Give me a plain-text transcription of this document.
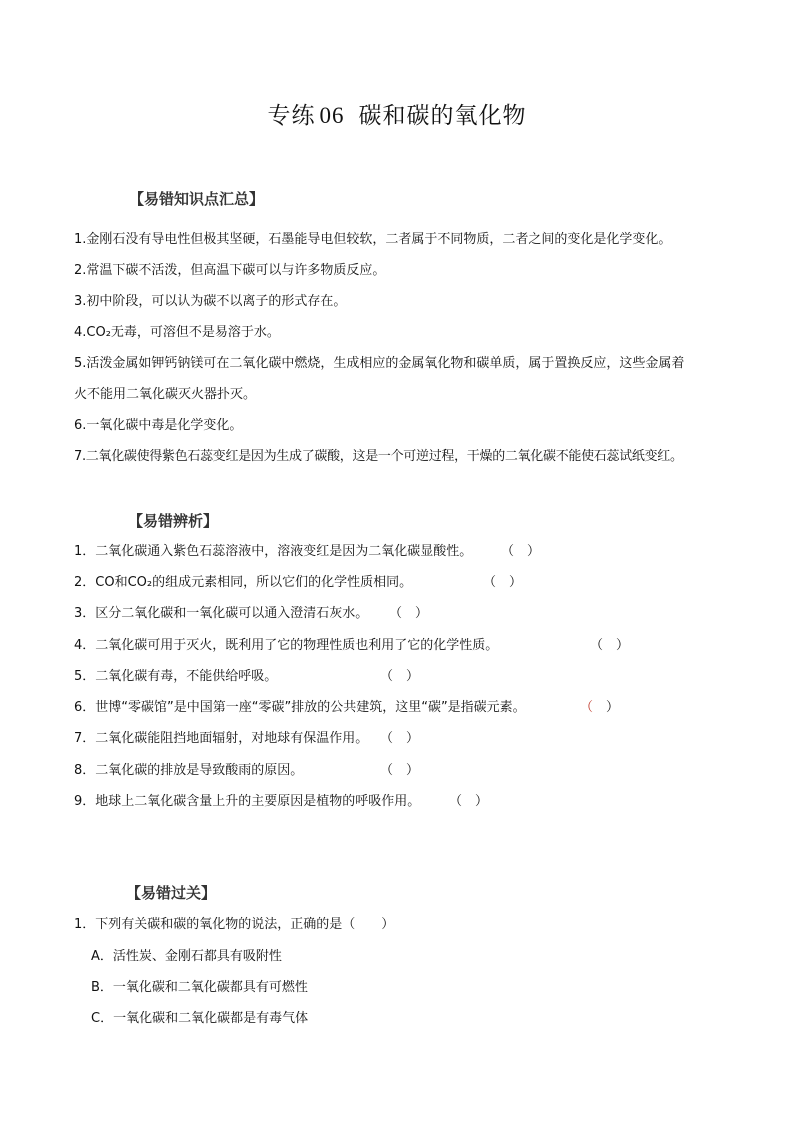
专练 06 碳和碳的氧化物
【易错知识点汇总】
1.金刚石没有导电性但极其坚硬，石墨能导电但较软，二者属于不同物质，二者之间的变化是化学变化。
2.常温下碳不活泼，但高温下碳可以与许多物质反应。
3.初中阶段，可以认为碳不以离子的形式存在。
4.CO₂无毒，可溶但不是易溶于水。
5.活泼金属如钾钙钠镁可在二氧化碳中燃烧，生成相应的金属氧化物和碳单质，属于置换反应，这些金属着
火不能用二氧化碳灭火器扑灭。
6.一氧化碳中毒是化学变化。
7.二氧化碳使得紫色石蕊变红是因为生成了碳酸，这是一个可逆过程，干燥的二氧化碳不能使石蕊试纸变红。
【易错辨析】
1．二氧化碳通入紫色石蕊溶液中，溶液变红是因为二氧化碳显酸性。 （　 ）
2．CO和CO₂的组成元素相同，所以它们的化学性质相同。	（　 ）
3．区分二氧化碳和一氧化碳可以通入澄清石灰水。 （　 ）
4．二氧化碳可用于灭火，既利用了它的物理性质也利用了它的化学性质。	（　 ）
5．二氧化碳有毒，不能供给呼吸。	（　 ）
6．世博“零碳馆”是中国第一座“零碳”排放的公共建筑，这里“碳”是指碳元素。	（　 ）
7．二氧化碳能阻挡地面辐射，对地球有保温作用。 （　 ）
8．二氧化碳的排放是导致酸雨的原因。	（　 ）
9．地球上二氧化碳含量上升的主要原因是植物的呼吸作用。 （　 ）
【易错过关】
1．下列有关碳和碳的氧化物的说法，正确的是（　　）
A．活性炭、金刚石都具有吸附性
B．一氧化碳和二氧化碳都具有可燃性
C．一氧化碳和二氧化碳都是有毒气体
